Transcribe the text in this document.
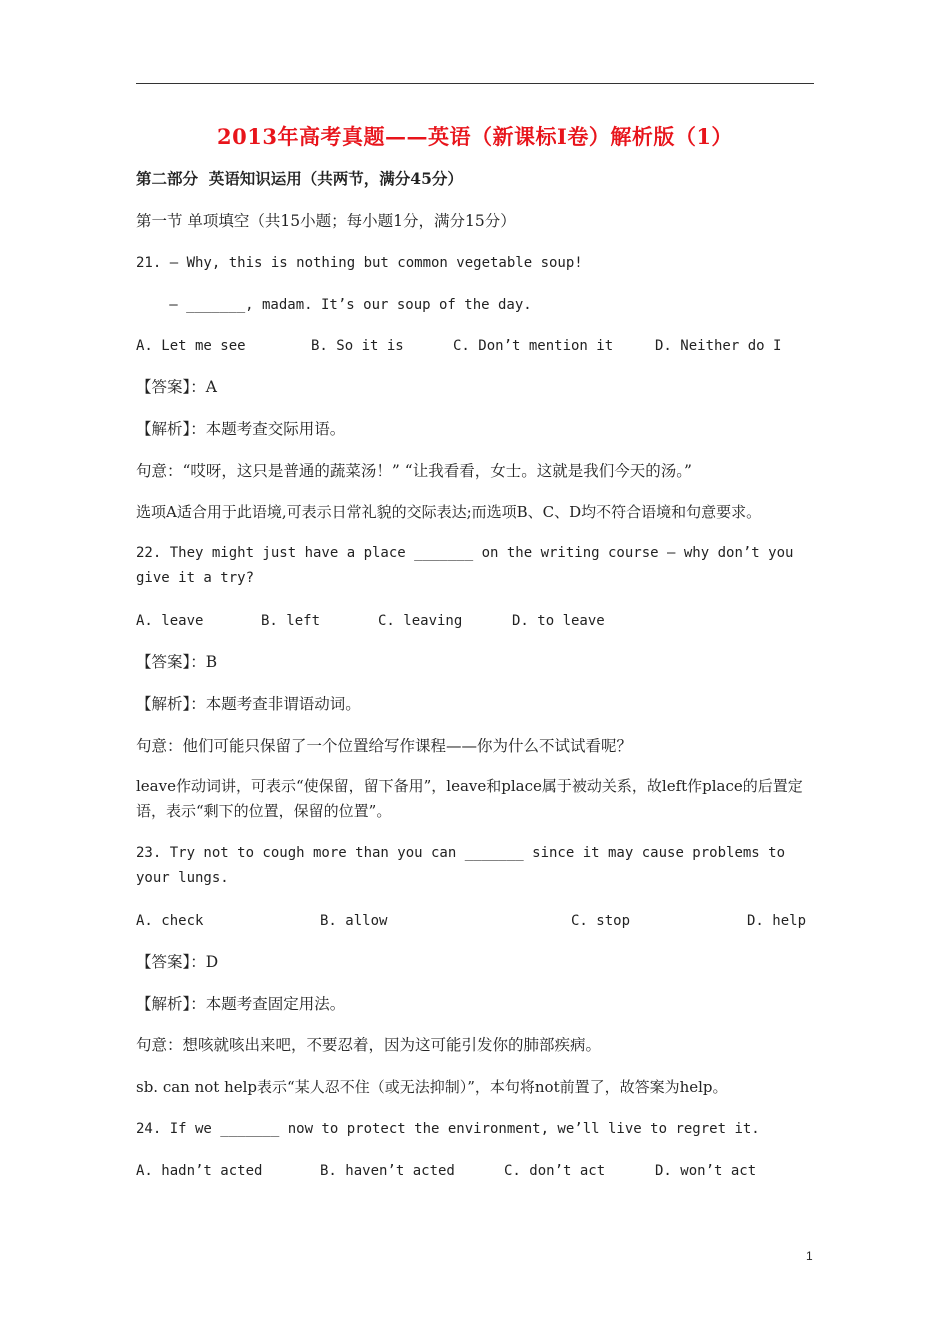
2013年高考真题——英语（新课标Ⅰ卷）解析版（1）
第二部分  英语知识运用（共两节，满分45分）
第一节 单项填空（共15小题；每小题1分，满分15分）
21. — Why, this is nothing but common vegetable soup!
— _______, madam. It’s our soup of the day.
A. Let me see	B. So it is	C. Don’t mention it	D. Neither do I
【答案】：A
【解析】：本题考查交际用语。
句意：“哎呀，这只是普通的蔬菜汤！” “让我看看，女士。这就是我们今天的汤。”
选项A适合用于此语境,可表示日常礼貌的交际表达;而选项B、C、D均不符合语境和句意要求。
22. They might just have a place _______ on the writing course — why don’t you give it a try?
A. leave	B. left	C. leaving	D. to leave
【答案】：B
【解析】：本题考查非谓语动词。
句意：他们可能只保留了一个位置给写作课程——你为什么不试试看呢？
leave作动词讲，可表示“使保留，留下备用”，leave和place属于被动关系，故left作place的后置定语，表示“剩下的位置，保留的位置”。
23. Try not to cough more than you can _______ since it may cause problems to your lungs.
A. check	B. allow	C. stop	D. help
【答案】：D
【解析】：本题考查固定用法。
句意：想咳就咳出来吧，不要忍着，因为这可能引发你的肺部疾病。
sb. can not help表示“某人忍不住（或无法抑制）”，本句将not前置了，故答案为help。
24. If we _______ now to protect the environment, we’ll live to regret it.
A. hadn’t acted	B. haven’t acted	C. don’t act	D. won’t act
1
